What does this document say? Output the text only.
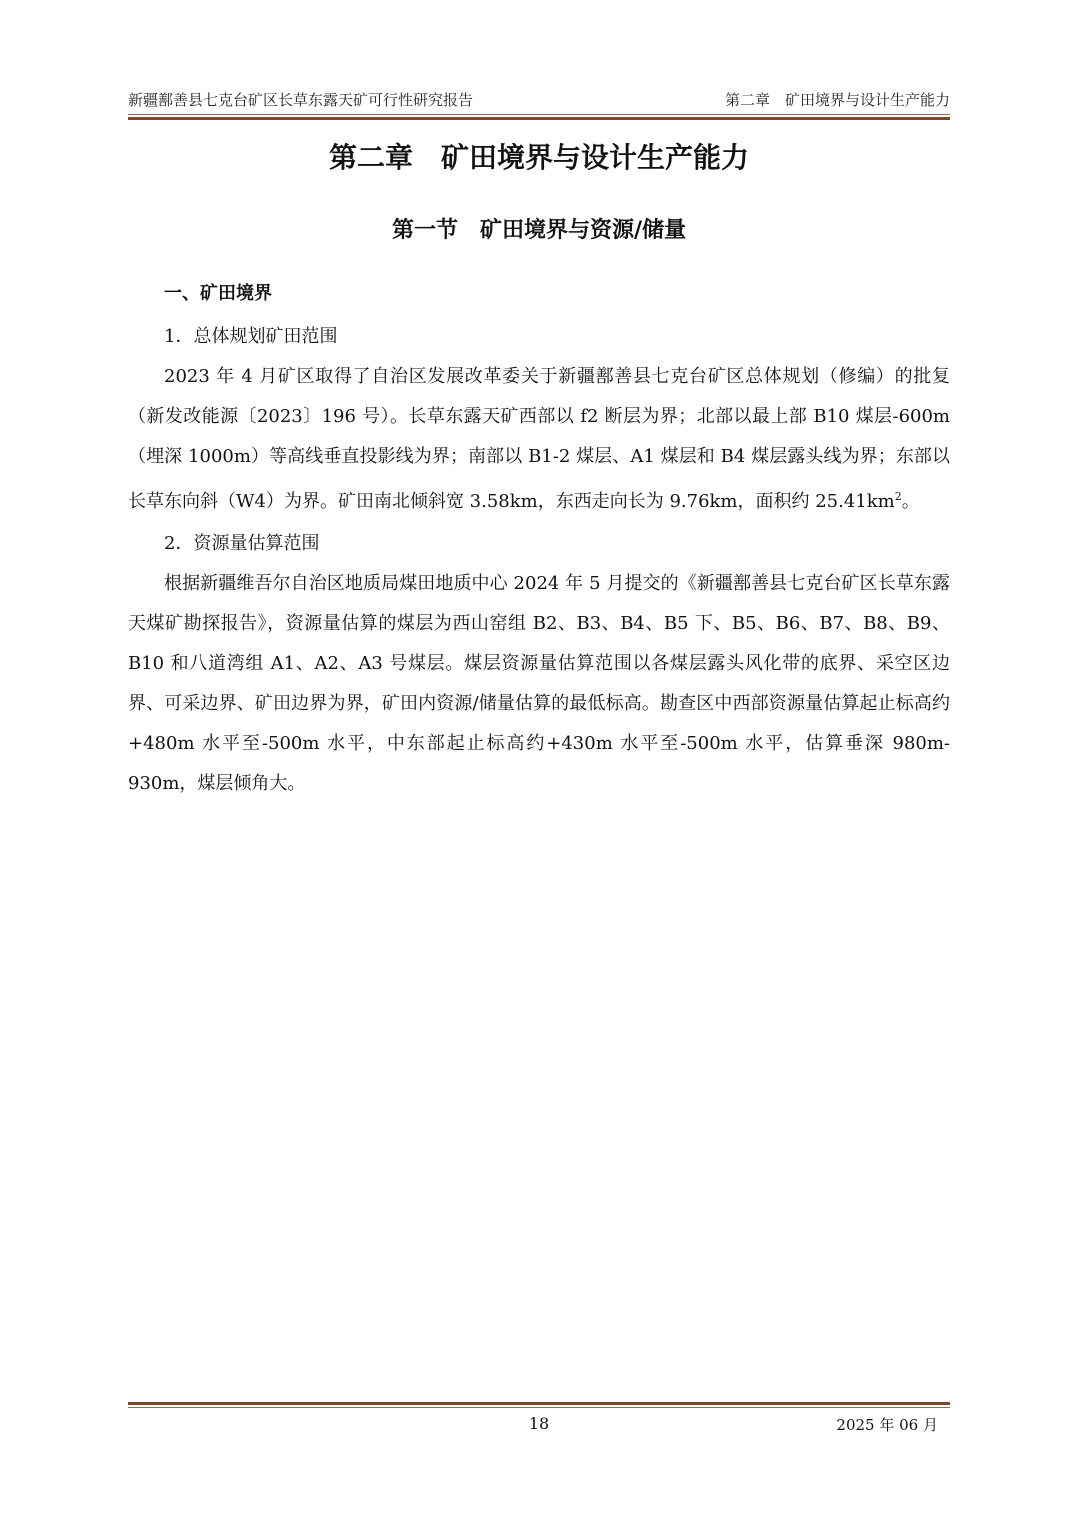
新疆鄯善县七克台矿区长草东露天矿可行性研究报告	第二章　矿田境界与设计生产能力
第二章　矿田境界与设计生产能力
第一节　矿田境界与资源/储量

一、矿田境界

1．总体规划矿田范围

2023 年 4 月矿区取得了自治区发展改革委关于新疆鄯善县七克台矿区总体规划（修编）的批复（新发改能源〔2023〕196 号）。长草东露天矿西部以 f2 断层为界；北部以最上部 B10 煤层-600m（埋深 1000m）等高线垂直投影线为界；南部以 B1-2 煤层、A1 煤层和 B4 煤层露头线为界；东部以长草东向斜（W4）为界。矿田南北倾斜宽 3.58km，东西走向长为 9.76km，面积约 $25.41km^2$。

2．资源量估算范围

根据新疆维吾尔自治区地质局煤田地质中心 2024 年 5 月提交的《新疆鄯善县七克台矿区长草东露天煤矿勘探报告》，资源量估算的煤层为西山窑组 B2、B3、B4、B5 下、B5、B6、B7、B8、B9、B10 和八道湾组 A1、A2、A3 号煤层。煤层资源量估算范围以各煤层露头风化带的底界、采空区边界、可采边界、矿田边界为界，矿田内资源/储量估算的最低标高。勘查区中西部资源量估算起止标高约+480m 水平至-500m 水平，中东部起止标高约+430m 水平至-500m 水平，估算垂深 980m-930m，煤层倾角大。

18	2025 年 06 月
